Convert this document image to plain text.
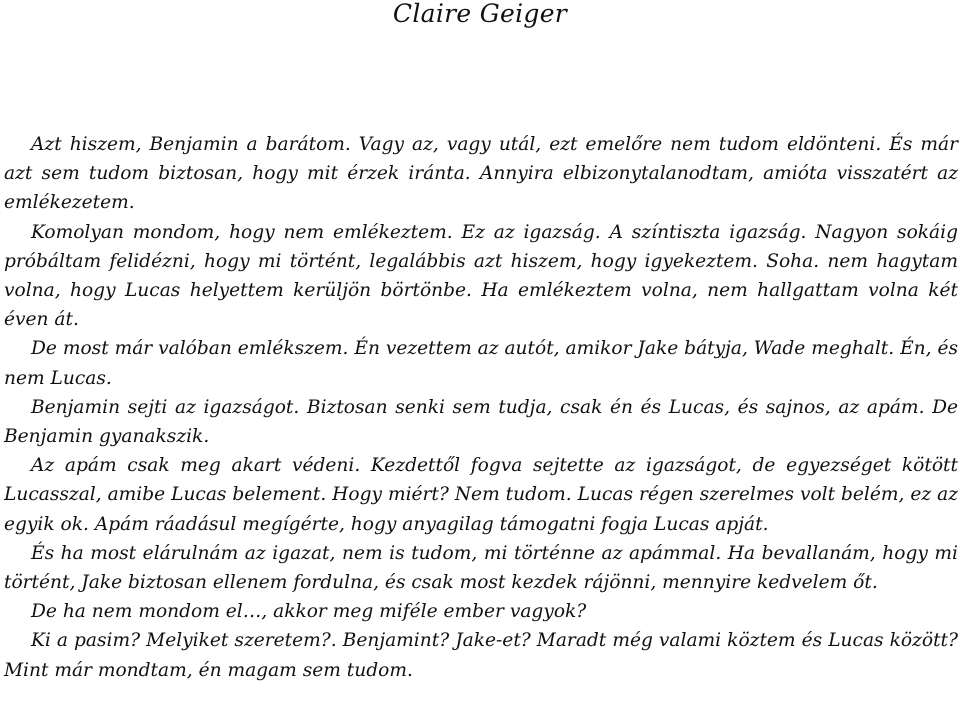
Claire Geiger

Azt hiszem, Benjamin a barátom. Vagy az, vagy utál, ezt emelőre nem tudom eldönteni. És már azt sem tudom biztosan, hogy mit érzek iránta. Annyira elbizonytalanodtam, amióta visszatért az emlékezetem.

Komolyan mondom, hogy nem emlékeztem. Ez az igazság. A színtiszta igazság. Nagyon sokáig próbáltam felidézni, hogy mi történt, legalábbis azt hiszem, hogy igyekeztem. Soha. nem hagytam volna, hogy Lucas helyettem kerüljön börtönbe. Ha emlékeztem volna, nem hallgattam volna két éven át.

De most már valóban emlékszem. Én vezettem az autót, amikor Jake bátyja, Wade meghalt. Én, és nem Lucas.

Benjamin sejti az igazságot. Biztosan senki sem tudja, csak én és Lucas, és sajnos, az apám. De Benjamin gyanakszik.

Az apám csak meg akart védeni. Kezdettől fogva sejtette az igazságot, de egyezséget kötött Lucasszal, amibe Lucas belement. Hogy miért? Nem tudom. Lucas régen szerelmes volt belém, ez az egyik ok. Apám ráadásul megígérte, hogy anyagilag támogatni fogja Lucas apját.

És ha most elárulnám az igazat, nem is tudom, mi történne az apámmal. Ha bevallanám, hogy mi történt, Jake biztosan ellenem fordulna, és csak most kezdek rájönni, mennyire kedvelem őt.

De ha nem mondom el…, akkor meg miféle ember vagyok?

Ki a pasim? Melyiket szeretem?. Benjamint? Jake-et? Maradt még valami köztem és Lucas között? Mint már mondtam, én magam sem tudom.
